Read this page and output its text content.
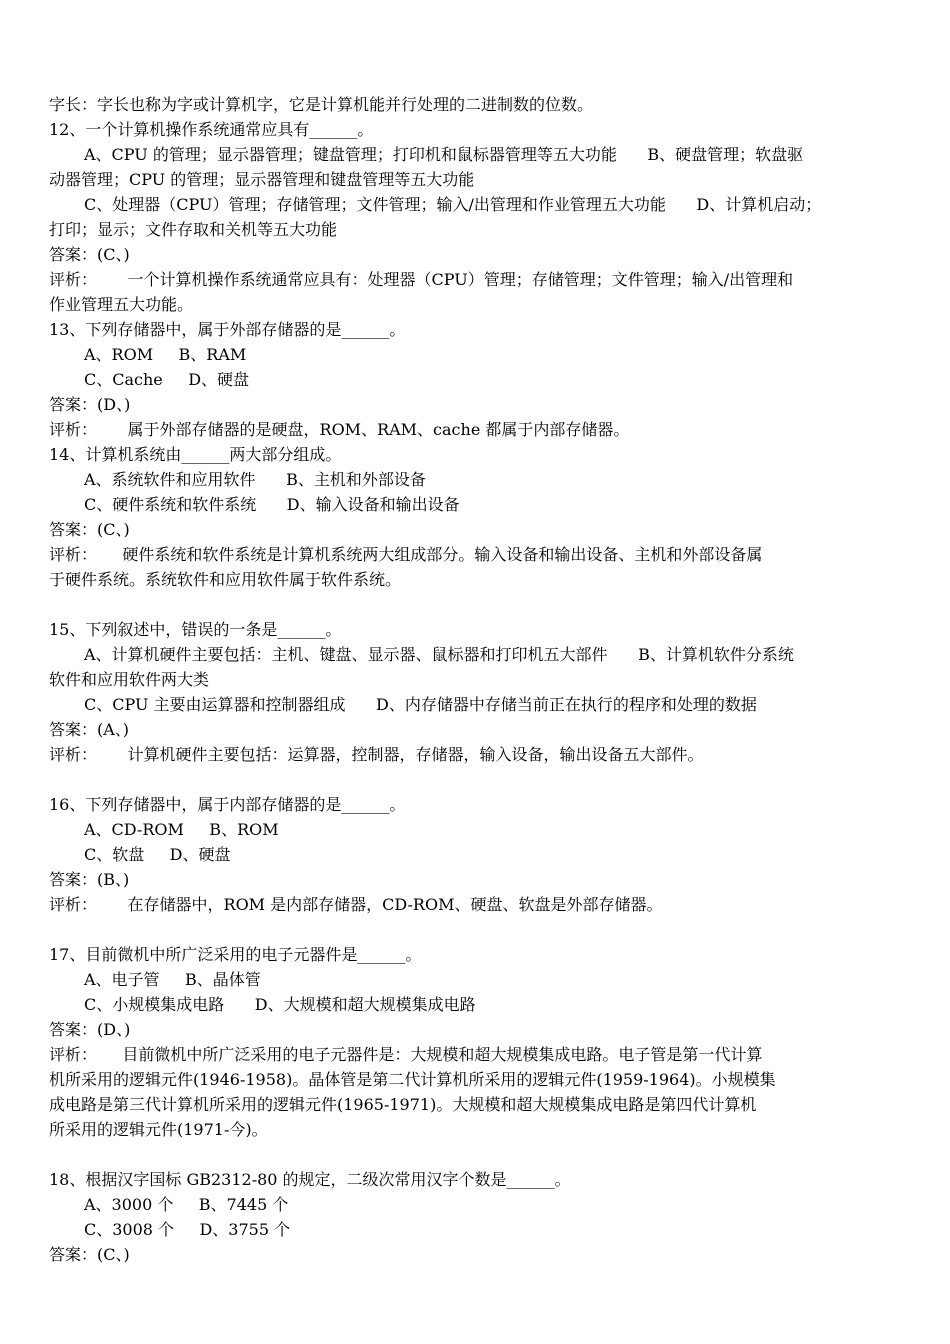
字长：字长也称为字或计算机字，它是计算机能并行处理的二进制数的位数。
12、一个计算机操作系统通常应具有______。
A、CPU 的管理；显示器管理；键盘管理；打印机和鼠标器管理等五大功能      B、硬盘管理；软盘驱
动器管理；CPU 的管理；显示器管理和键盘管理等五大功能
C、处理器（CPU）管理；存储管理；文件管理；输入/出管理和作业管理五大功能      D、计算机启动；
打印；显示；文件存取和关机等五大功能
答案：(C、)
评析：      一个计算机操作系统通常应具有：处理器（CPU）管理；存储管理；文件管理；输入/出管理和
作业管理五大功能。
13、下列存储器中，属于外部存储器的是______。
A、ROM     B、RAM
C、Cache     D、硬盘
答案：(D、)
评析：      属于外部存储器的是硬盘，ROM、RAM、cache 都属于内部存储器。
14、计算机系统由______两大部分组成。
A、系统软件和应用软件      B、主机和外部设备
C、硬件系统和软件系统      D、输入设备和输出设备
答案：(C、)
评析：     硬件系统和软件系统是计算机系统两大组成部分。输入设备和输出设备、主机和外部设备属
于硬件系统。系统软件和应用软件属于软件系统。
15、下列叙述中，错误的一条是______。
A、计算机硬件主要包括：主机、键盘、显示器、鼠标器和打印机五大部件      B、计算机软件分系统
软件和应用软件两大类
C、CPU 主要由运算器和控制器组成      D、内存储器中存储当前正在执行的程序和处理的数据
答案：(A、)
评析：      计算机硬件主要包括：运算器，控制器，存储器，输入设备，输出设备五大部件。
16、下列存储器中，属于内部存储器的是______。
A、CD-ROM     B、ROM
C、软盘     D、硬盘
答案：(B、)
评析：      在存储器中，ROM 是内部存储器，CD-ROM、硬盘、软盘是外部存储器。
17、目前微机中所广泛采用的电子元器件是______。
A、电子管     B、晶体管
C、小规模集成电路      D、大规模和超大规模集成电路
答案：(D、)
评析：     目前微机中所广泛采用的电子元器件是：大规模和超大规模集成电路。电子管是第一代计算
机所采用的逻辑元件(1946-1958)。晶体管是第二代计算机所采用的逻辑元件(1959-1964)。小规模集
成电路是第三代计算机所采用的逻辑元件(1965-1971)。大规模和超大规模集成电路是第四代计算机
所采用的逻辑元件(1971-今)。
18、根据汉字国标 GB2312-80 的规定，二级次常用汉字个数是______。
A、3000 个     B、7445 个
C、3008 个     D、3755 个
答案：(C、)
